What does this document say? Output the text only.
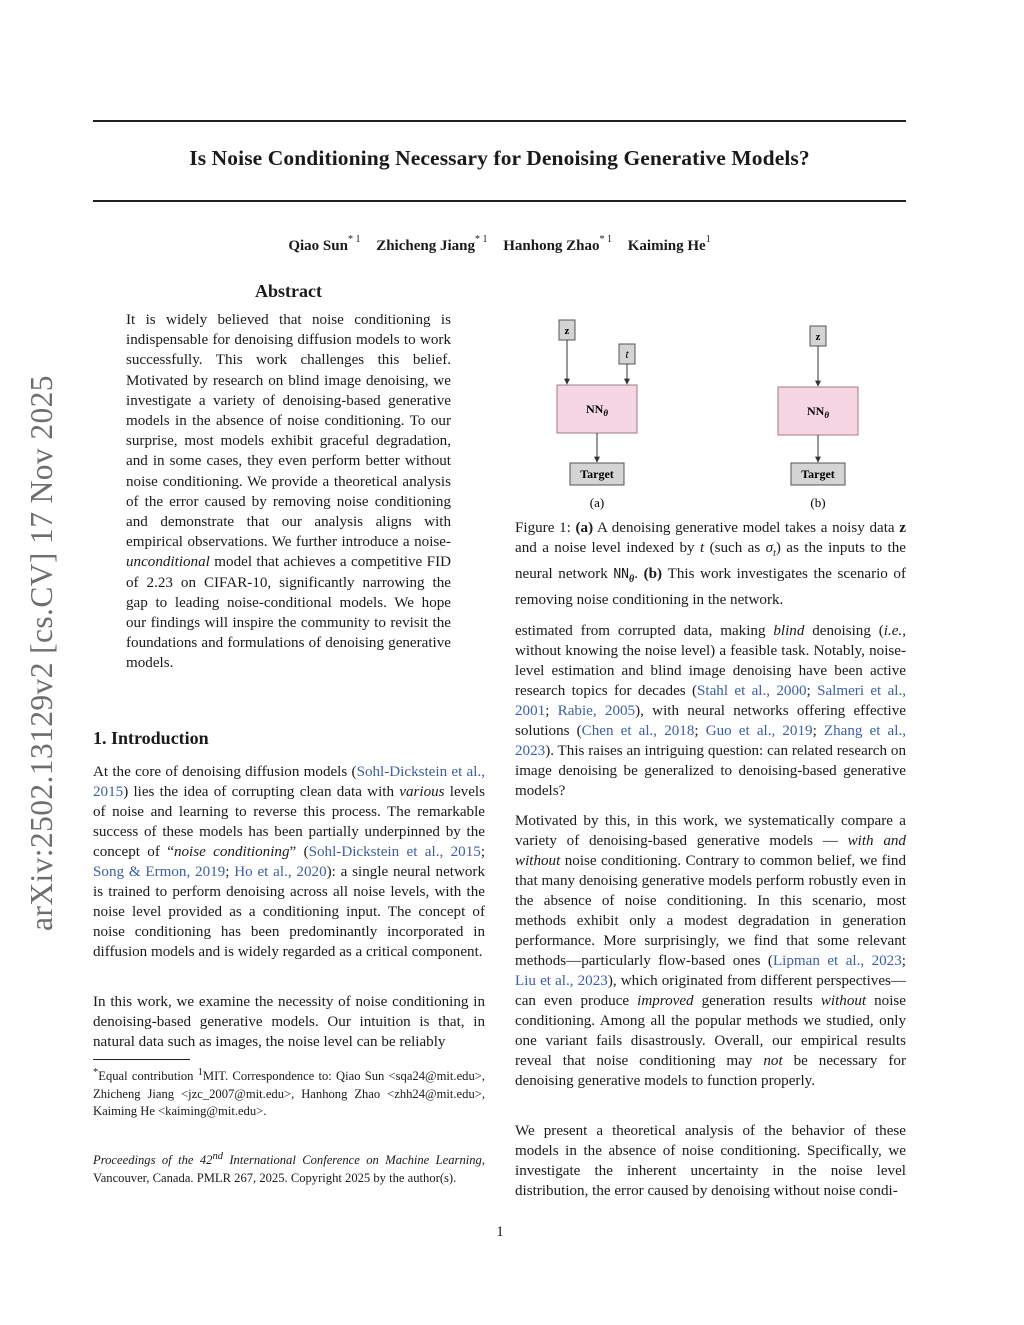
Is Noise Conditioning Necessary for Denoising Generative Models?
Qiao Sun$^{* 1}$ Zhicheng Jiang$^{* 1}$ Hanhong Zhao$^{* 1}$ Kaiming He$^1$
arXiv:2502.13129v2 [cs.CV] 17 Nov 2025
Abstract
It is widely believed that noise conditioning is indispensable for denoising diffusion models to work successfully. This work challenges this belief. Motivated by research on blind image denoising, we investigate a variety of denoising-based generative models in the absence of noise conditioning. To our surprise, most models exhibit graceful degradation, and in some cases, they even perform better without noise conditioning. We provide a theoretical analysis of the error caused by removing noise conditioning and demonstrate that our analysis aligns with empirical observations. We further introduce a noise-unconditional model that achieves a competitive FID of 2.23 on CIFAR-10, significantly narrowing the gap to leading noise-conditional models. We hope our findings will inspire the community to revisit the foundations and formulations of denoising generative models.
1. Introduction
At the core of denoising diffusion models (Sohl-Dickstein et al., 2015) lies the idea of corrupting clean data with various levels of noise and learning to reverse this process. The remarkable success of these models has been partially underpinned by the concept of “noise conditioning” (Sohl-Dickstein et al., 2015; Song & Ermon, 2019; Ho et al., 2020): a single neural network is trained to perform denoising across all noise levels, with the noise level provided as a conditioning input. The concept of noise conditioning has been predominantly incorporated in diffusion models and is widely regarded as a critical component.
In this work, we examine the necessity of noise conditioning in denoising-based generative models. Our intuition is that, in natural data such as images, the noise level can be reliably
*Equal contribution $^1$MIT. Correspondence to: Qiao Sun <sqa24@mit.edu>, Zhicheng Jiang <jzc_2007@mit.edu>, Hanhong Zhao <zhh24@mit.edu>, Kaiming He <kaiming@mit.edu>.
Proceedings of the 42nd International Conference on Machine Learning, Vancouver, Canada. PMLR 267, 2025. Copyright 2025 by the author(s).
z
t
$NN_\theta$
Target
(a)
z
$NN_\theta$
Target
(b)
Figure 1: (a) A denoising generative model takes a noisy data z and a noise level indexed by t (such as $\sigma_t$) as the inputs to the neural network $NN_\theta$. (b) This work investigates the scenario of removing noise conditioning in the network.
estimated from corrupted data, making blind denoising (i.e., without knowing the noise level) a feasible task. Notably, noise-level estimation and blind image denoising have been active research topics for decades (Stahl et al., 2000; Salmeri et al., 2001; Rabie, 2005), with neural networks offering effective solutions (Chen et al., 2018; Guo et al., 2019; Zhang et al., 2023). This raises an intriguing question: can related research on image denoising be generalized to denoising-based generative models?
Motivated by this, in this work, we systematically compare a variety of denoising-based generative models — with and without noise conditioning. Contrary to common belief, we find that many denoising generative models perform robustly even in the absence of noise conditioning. In this scenario, most methods exhibit only a modest degradation in generation performance. More surprisingly, we find that some relevant methods—particularly flow-based ones (Lipman et al., 2023; Liu et al., 2023), which originated from different perspectives—can even produce improved generation results without noise conditioning. Among all the popular methods we studied, only one variant fails disastrously. Overall, our empirical results reveal that noise conditioning may not be necessary for denoising generative models to function properly.
We present a theoretical analysis of the behavior of these models in the absence of noise conditioning. Specifically, we investigate the inherent uncertainty in the noise level distribution, the error caused by denoising without noise condi-
1
